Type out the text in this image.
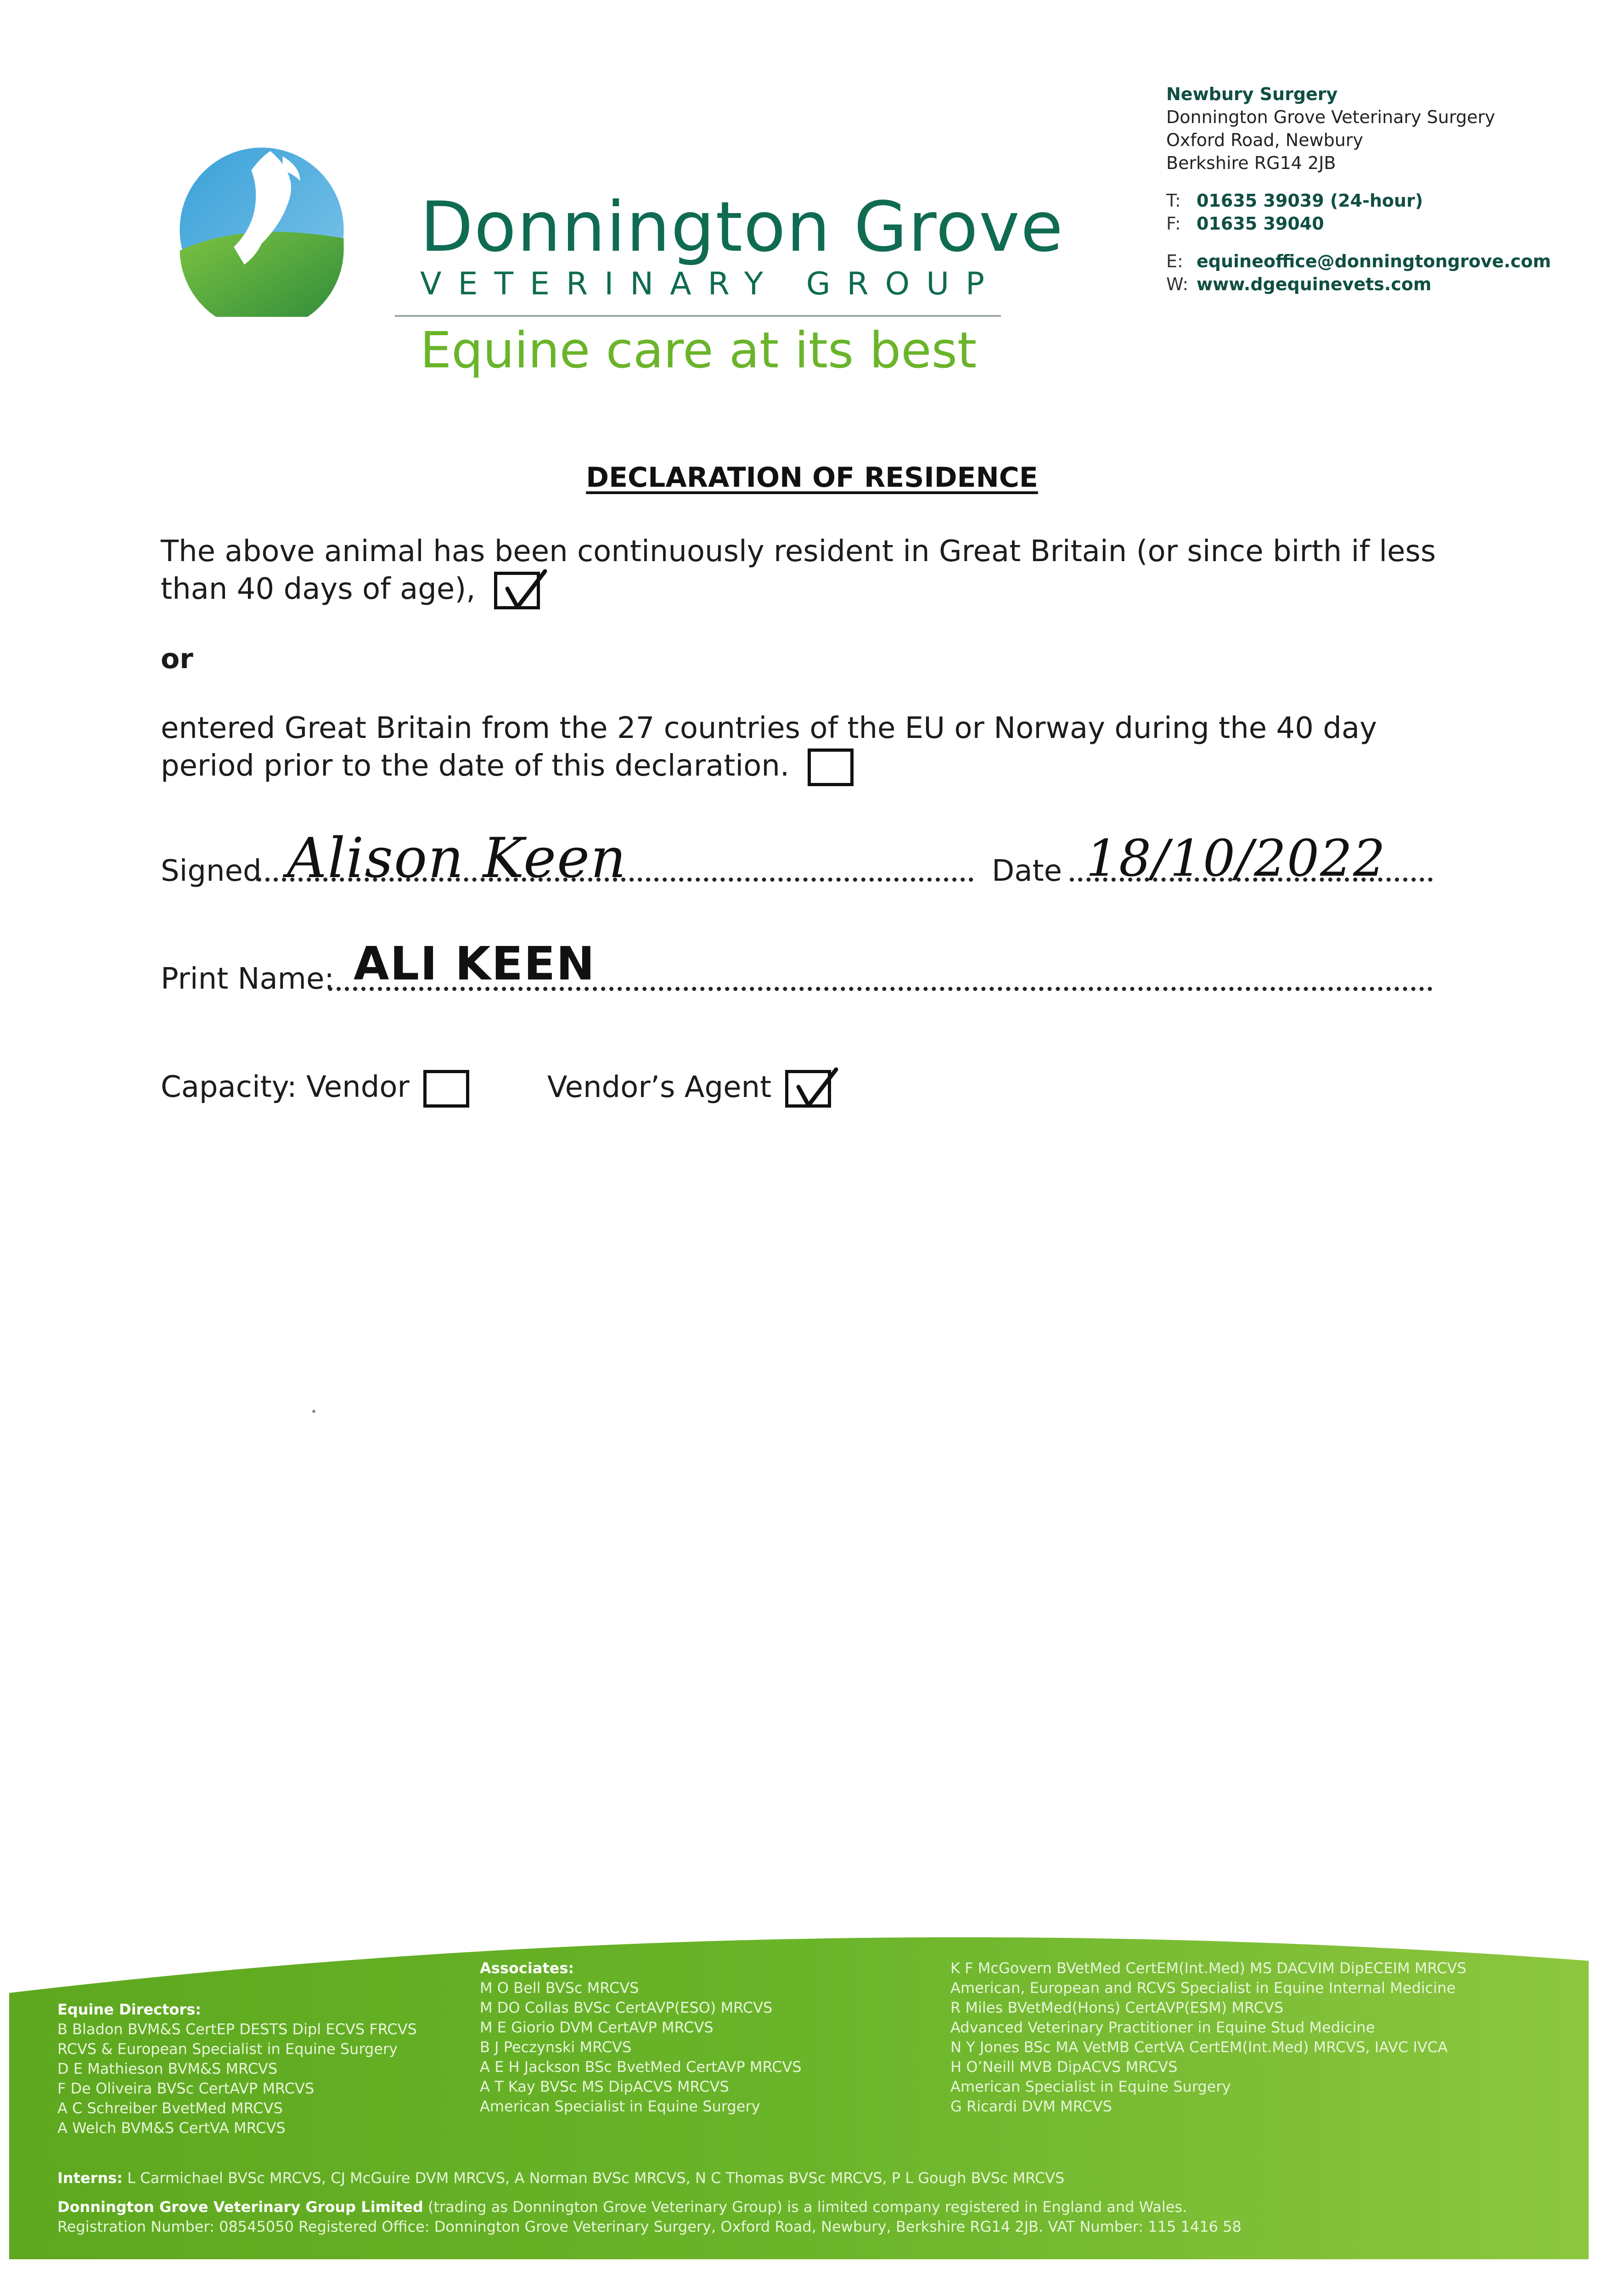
Donnington Grove
VETERINARY GROUP
Equine care at its best
Newbury Surgery
Donnington Grove Veterinary Surgery
Oxford Road, Newbury
Berkshire RG14 2JB
T: 01635 39039 (24-hour)
F: 01635 39040
E: equineoffice@donningtongrove.com
W: www.dgequinevets.com
DECLARATION OF RESIDENCE
The above animal has been continuously resident in Great Britain (or since birth if less than 40 days of age),
or
entered Great Britain from the 27 countries of the EU or Norway during the 40 day period prior to the date of this declaration.
Signed Alison Keen	Date 18/10/2022
Print Name: ALI KEEN
Capacity: Vendor	Vendor’s Agent
Equine Directors:
B Bladon BVM&S CertEP DESTS Dipl ECVS FRCVS
RCVS & European Specialist in Equine Surgery
D E Mathieson BVM&S MRCVS
F De Oliveira BVSc CertAVP MRCVS
A C Schreiber BvetMed MRCVS
A Welch BVM&S CertVA MRCVS
Associates:
M O Bell BVSc MRCVS
M DO Collas BVSc CertAVP(ESO) MRCVS
M E Giorio DVM CertAVP MRCVS
B J Peczynski MRCVS
A E H Jackson BSc BvetMed CertAVP MRCVS
A T Kay BVSc MS DipACVS MRCVS
American Specialist in Equine Surgery
K F McGovern BVetMed CertEM(Int.Med) MS DACVIM DipECEIM MRCVS
American, European and RCVS Specialist in Equine Internal Medicine
R Miles BVetMed(Hons) CertAVP(ESM) MRCVS
Advanced Veterinary Practitioner in Equine Stud Medicine
N Y Jones BSc MA VetMB CertVA CertEM(Int.Med) MRCVS, IAVC IVCA
H O’Neill MVB DipACVS MRCVS
American Specialist in Equine Surgery
G Ricardi DVM MRCVS
Interns: L Carmichael BVSc MRCVS, CJ McGuire DVM MRCVS, A Norman BVSc MRCVS, N C Thomas BVSc MRCVS, P L Gough BVSc MRCVS
Donnington Grove Veterinary Group Limited (trading as Donnington Grove Veterinary Group) is a limited company registered in England and Wales.
Registration Number: 08545050 Registered Office: Donnington Grove Veterinary Surgery, Oxford Road, Newbury, Berkshire RG14 2JB. VAT Number: 115 1416 58
